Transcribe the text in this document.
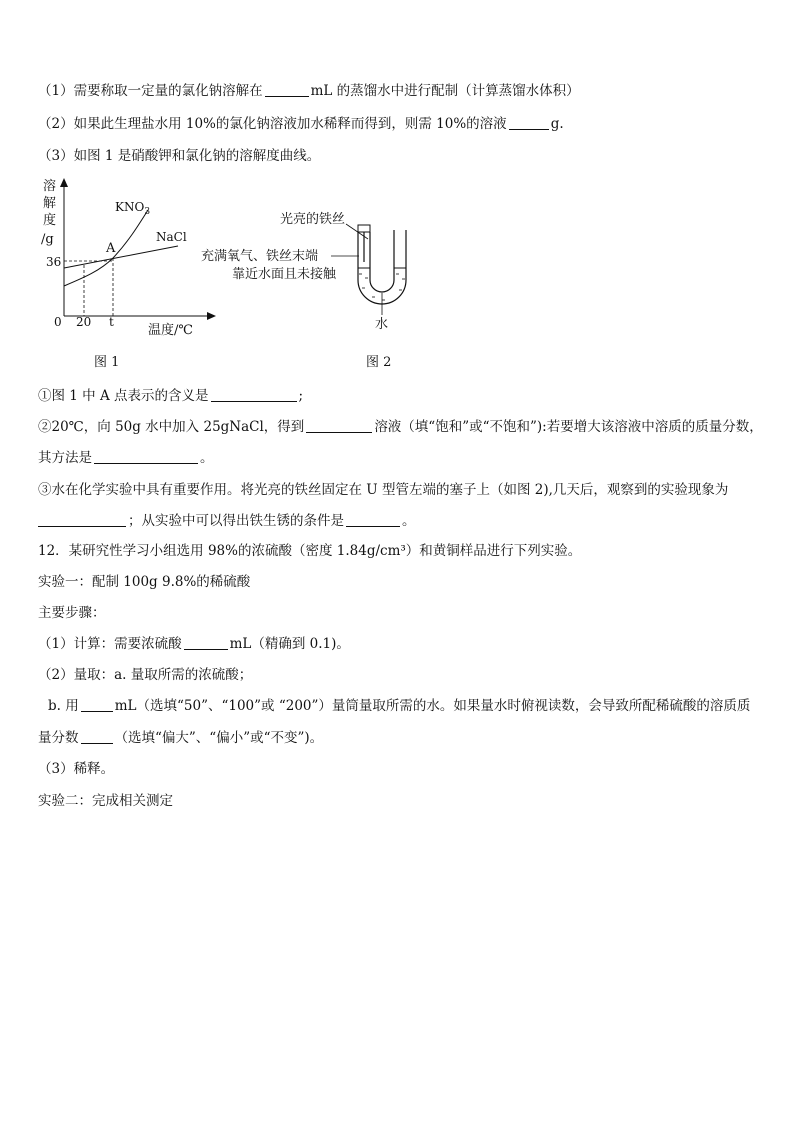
（1）需要称取一定量的氯化钠溶解在	mL 的蒸馏水中进行配制（计算蒸馏水体积）
（2）如果此生理盐水用 10%的氯化钠溶液加水稀释而得到，则需 10%的溶液	g.
（3）如图 1 是硝酸钾和氯化钠的溶解度曲线。
溶
解
度
/g
0 20 t
36
温度/℃
$KNO_3$
NaCl
A
图 1
光亮的铁丝
充满氧气、铁丝末端
靠近水面且未接触
水
图 2
①图 1 中 A 点表示的含义是	;
②20℃，向 50g 水中加入 25gNaCl，得到	溶液（填“饱和”或“不饱和”):若要增大该溶液中溶质的质量分数，
其方法是	。
③水在化学实验中具有重要作用。将光亮的铁丝固定在 U 型管左端的塞子上（如图 2),几天后，观察到的实验现象为
；从实验中可以得出铁生锈的条件是	。
12．某研究性学习小组选用 98%的浓硫酸（密度 1.84g/cm³）和黄铜样品进行下列实验。
实验一：配制 100g 9.8%的稀硫酸
主要步骤：
（1）计算：需要浓硫酸	mL（精确到 0.1)。
（2）量取：a. 量取所需的浓硫酸；
b. 用	mL（选填“50”、“100”或 “200”）量筒量取所需的水。如果量水时俯视读数，会导致所配稀硫酸的溶质质
量分数	（选填“偏大”、“偏小”或“不变”)。
（3）稀释。
实验二：完成相关测定
